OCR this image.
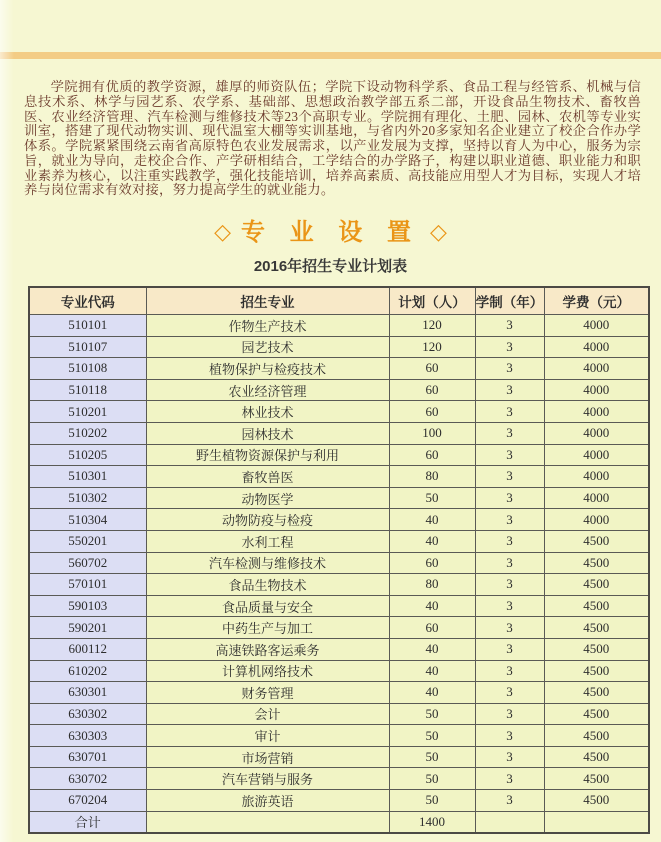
学院拥有优质的教学资源，雄厚的师资队伍；学院下设动物科学系、食品工程与经管系、机械与信息技术系、林学与园艺系、农学系、基础部、思想政治教学部五系二部，开设食品生物技术、畜牧兽医、农业经济管理、汽车检测与维修技术等23个高职专业。学院拥有理化、土肥、园林、农机等专业实训室，搭建了现代动物实训、现代温室大棚等实训基地，与省内外20多家知名企业建立了校企合作办学体系。学院紧紧围绕云南省高原特色农业发展需求，以产业发展为支撑，坚持以育人为中心，服务为宗旨，就业为导向，走校企合作、产学研相结合，工学结合的办学路子，构建以职业道德、职业能力和职业素养为核心，以注重实践教学，强化技能培训，培养高素质、高技能应用型人才为目标，实现人才培养与岗位需求有效对接，努力提高学生的就业能力。

◇ 专 业 设 置 ◇
2016年招生专业计划表
专业代码	招生专业	计划（人）	学制（年）	学费（元）
510101	作物生产技术	120	3	4000
510107	园艺技术	120	3	4000
510108	植物保护与检疫技术	60	3	4000
510118	农业经济管理	60	3	4000
510201	林业技术	60	3	4000
510202	园林技术	100	3	4000
510205	野生植物资源保护与利用	60	3	4000
510301	畜牧兽医	80	3	4000
510302	动物医学	50	3	4000
510304	动物防疫与检疫	40	3	4000
550201	水利工程	40	3	4500
560702	汽车检测与维修技术	60	3	4500
570101	食品生物技术	80	3	4500
590103	食品质量与安全	40	3	4500
590201	中药生产与加工	60	3	4500
600112	高速铁路客运乘务	40	3	4500
610202	计算机网络技术	40	3	4500
630301	财务管理	40	3	4500
630302	会计	50	3	4500
630303	审计	50	3	4500
630701	市场营销	50	3	4500
630702	汽车营销与服务	50	3	4500
670204	旅游英语	50	3	4500
合计		1400		
